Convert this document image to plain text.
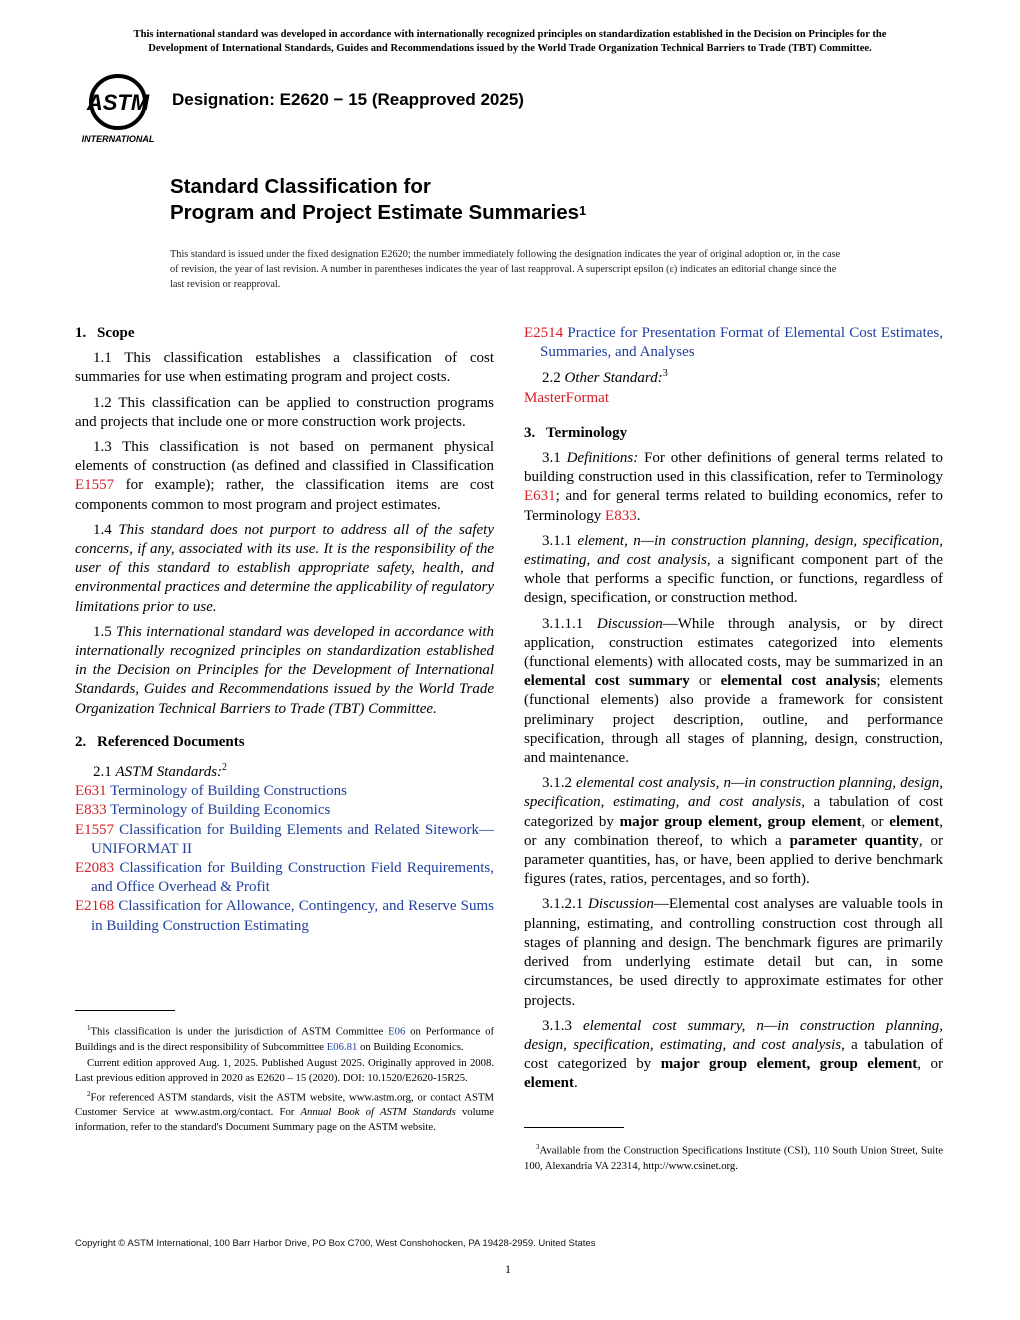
This international standard was developed in accordance with internationally recognized principles on standardization established in the Decision on Principles for the
Development of International Standards, Guides and Recommendations issued by the World Trade Organization Technical Barriers to Trade (TBT) Committee.
ASTM
INTERNATIONAL
Designation: E2620 − 15 (Reapproved 2025)
Standard Classification for
Program and Project Estimate Summaries$^1$
This standard is issued under the fixed designation E2620; the number immediately following the designation indicates the year of original adoption or, in the case of revision, the year of last revision. A number in parentheses indicates the year of last reapproval. A superscript epsilon (ε) indicates an editorial change since the last revision or reapproval.
1. Scope

1.1 This classification establishes a classification of cost summaries for use when estimating program and project costs.

1.2 This classification can be applied to construction programs and projects that include one or more construction work projects.

1.3 This classification is not based on permanent physical elements of construction (as defined and classified in Classification E1557 for example); rather, the classification items are cost components common to most program and project estimates.

1.4 This standard does not purport to address all of the safety concerns, if any, associated with its use. It is the responsibility of the user of this standard to establish appropriate safety, health, and environmental practices and determine the applicability of regulatory limitations prior to use.

1.5 This international standard was developed in accordance with internationally recognized principles on standardization established in the Decision on Principles for the Development of International Standards, Guides and Recommendations issued by the World Trade Organization Technical Barriers to Trade (TBT) Committee.

2. Referenced Documents

2.1 ASTM Standards:$^2$

E631 Terminology of Building Constructions
E833 Terminology of Building Economics
E1557 Classification for Building Elements and Related Sitework—UNIFORMAT II
E2083 Classification for Building Construction Field Requirements, and Office Overhead & Profit
E2168 Classification for Allowance, Contingency, and Reserve Sums in Building Construction Estimating

$^1$This classification is under the jurisdiction of ASTM Committee E06 on Performance of Buildings and is the direct responsibility of Subcommittee E06.81 on Building Economics.

Current edition approved Aug. 1, 2025. Published August 2025. Originally approved in 2008. Last previous edition approved in 2020 as E2620 – 15 (2020). DOI: 10.1520/E2620-15R25.

$^2$For referenced ASTM standards, visit the ASTM website, www.astm.org, or contact ASTM Customer Service at www.astm.org/contact. For Annual Book of ASTM Standards volume information, refer to the standard's Document Summary page on the ASTM website.

E2514 Practice for Presentation Format of Elemental Cost Estimates, Summaries, and Analyses

2.2 Other Standard:$^3$

MasterFormat
3. Terminology

3.1 Definitions: For other definitions of general terms related to building construction used in this classification, refer to Terminology E631; and for general terms related to building economics, refer to Terminology E833.

3.1.1 element, n—in construction planning, design, specification, estimating, and cost analysis, a significant component part of the whole that performs a specific function, or functions, regardless of design, specification, or construction method.

3.1.1.1 Discussion—While through analysis, or by direct application, construction estimates categorized into elements (functional elements) with allocated costs, may be summarized in an elemental cost summary or elemental cost analysis; elements (functional elements) also provide a framework for consistent preliminary project description, outline, and performance specification, through all stages of planning, design, construction, and maintenance.

3.1.2 elemental cost analysis, n—in construction planning, design, specification, estimating, and cost analysis, a tabulation of cost categorized by major group element, group element, or element, or any combination thereof, to which a parameter quantity, or parameter quantities, has, or have, been applied to derive benchmark figures (rates, ratios, percentages, and so forth).

3.1.2.1 Discussion—Elemental cost analyses are valuable tools in planning, estimating, and controlling construction cost through all stages of planning and design. The benchmark figures are primarily derived from underlying estimate detail but can, in some circumstances, be used directly to approximate estimates for other projects.

3.1.3 elemental cost summary, n—in construction planning, design, specification, estimating, and cost analysis, a tabulation of cost categorized by major group element, group element, or element.

$^3$Available from the Construction Specifications Institute (CSI), 110 South Union Street, Suite 100, Alexandria VA 22314, http://www.csinet.org.

Copyright © ASTM International, 100 Barr Harbor Drive, PO Box C700, West Conshohocken, PA 19428-2959. United States
1
